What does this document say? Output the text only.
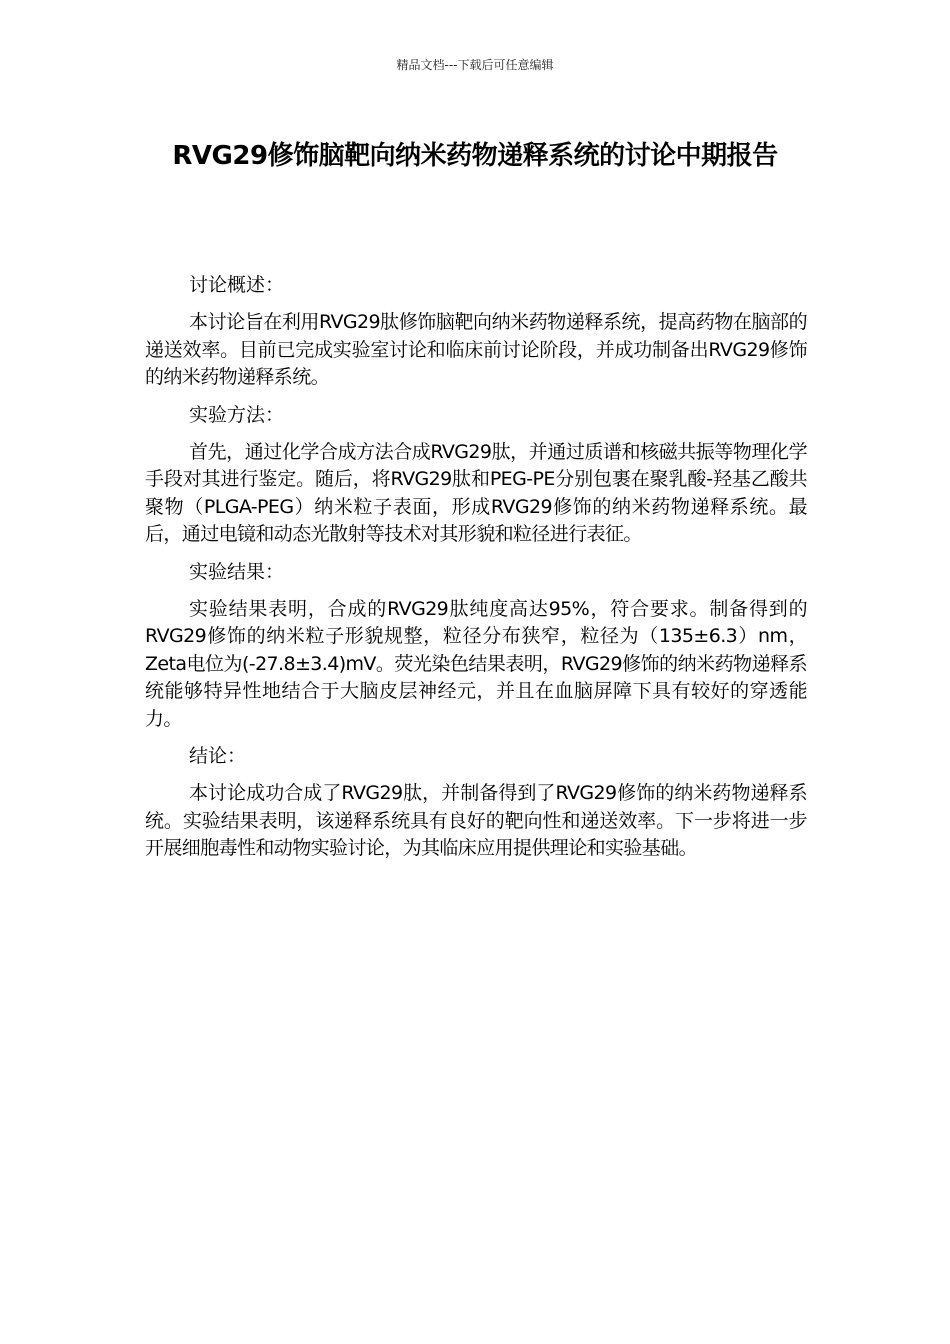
精品文档---下载后可任意编辑
RVG29修饰脑靶向纳米药物递释系统的讨论中期报告

讨论概述：

本讨论旨在利用RVG29肽修饰脑靶向纳米药物递释系统，提高药物在脑部的递送效率。目前已完成实验室讨论和临床前讨论阶段，并成功制备出RVG29修饰的纳米药物递释系统。

实验方法：

首先，通过化学合成方法合成RVG29肽，并通过质谱和核磁共振等物理化学手段对其进行鉴定。随后，将RVG29肽和PEG-PE分别包裹在聚乳酸-羟基乙酸共聚物（PLGA-PEG）纳米粒子表面，形成RVG29修饰的纳米药物递释系统。最后，通过电镜和动态光散射等技术对其形貌和粒径进行表征。

实验结果：

实验结果表明，合成的RVG29肽纯度高达95%，符合要求。制备得到的RVG29修饰的纳米粒子形貌规整，粒径分布狭窄，粒径为（135±6.3）nm，Zeta电位为(-27.8±3.4)mV。荧光染色结果表明，RVG29修饰的纳米药物递释系统能够特异性地结合于大脑皮层神经元，并且在血脑屏障下具有较好的穿透能力。

结论：

本讨论成功合成了RVG29肽，并制备得到了RVG29修饰的纳米药物递释系统。实验结果表明，该递释系统具有良好的靶向性和递送效率。下一步将进一步开展细胞毒性和动物实验讨论，为其临床应用提供理论和实验基础。
